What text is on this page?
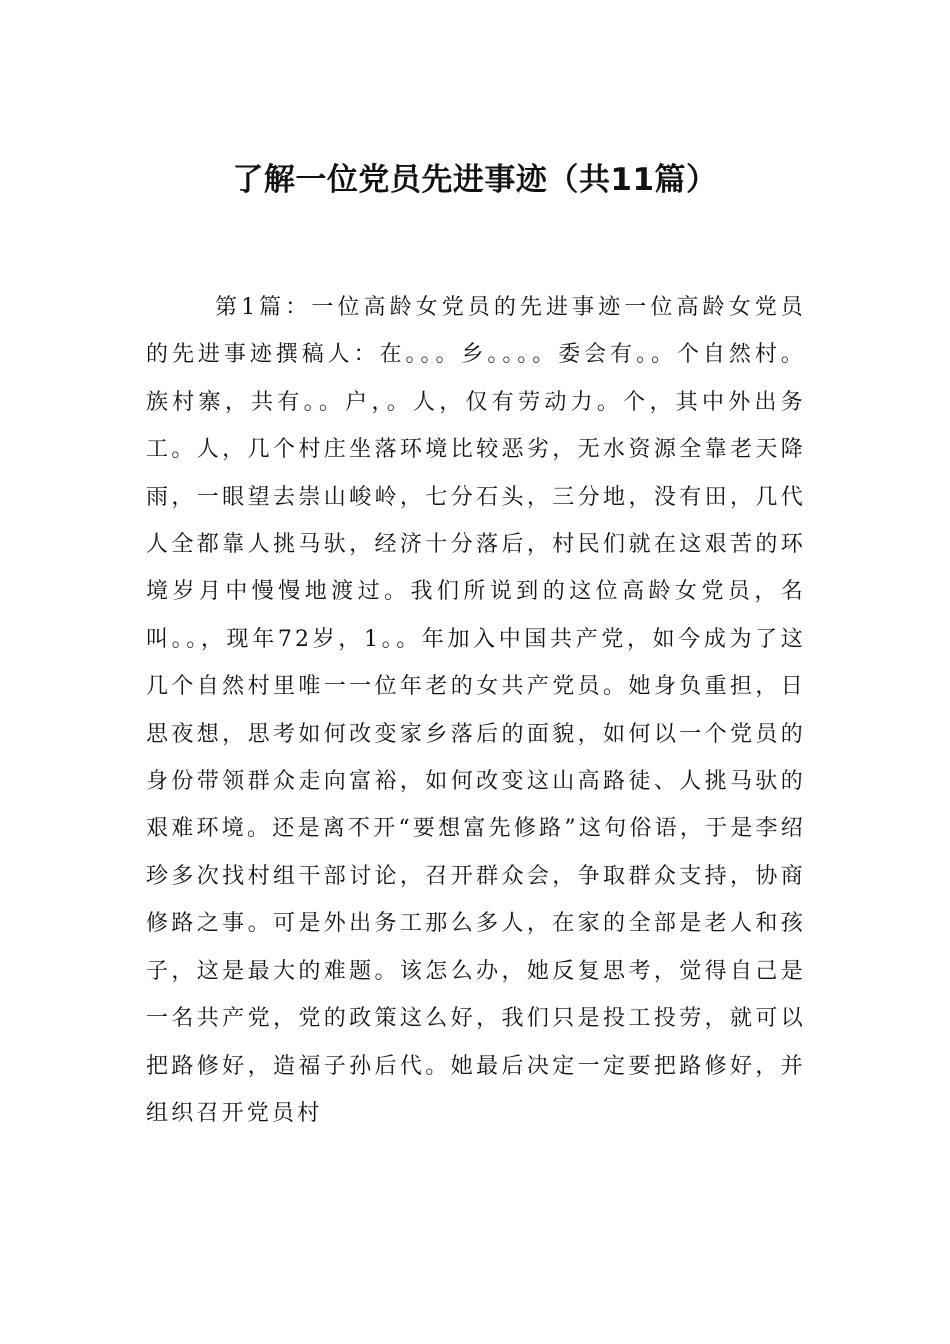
了解一位党员先进事迹（共11篇）

第1篇：一位高龄女党员的先进事迹一位高龄女党员的先进事迹撰稿人：在。。。乡。。。。委会有。。个自然村。族村寨，共有。。户，。人，仅有劳动力。个，其中外出务工。人，几个村庄坐落环境比较恶劣，无水资源全靠老天降雨，一眼望去崇山峻岭，七分石头，三分地，没有田，几代人全都靠人挑马驮，经济十分落后，村民们就在这艰苦的环境岁月中慢慢地渡过。我们所说到的这位高龄女党员，名叫。。，现年72岁，1。。年加入中国共产党，如今成为了这几个自然村里唯一一位年老的女共产党员。她身负重担，日思夜想，思考如何改变家乡落后的面貌，如何以一个党员的身份带领群众走向富裕，如何改变这山高路徒、人挑马驮的艰难环境。还是离不开“要想富先修路”这句俗语，于是李绍珍多次找村组干部讨论，召开群众会，争取群众支持，协商修路之事。可是外出务工那么多人，在家的全部是老人和孩子，这是最大的难题。该怎么办，她反复思考，觉得自己是一名共产党，党的政策这么好，我们只是投工投劳，就可以把路修好，造福子孙后代。她最后决定一定要把路修好，并组织召开党员村
